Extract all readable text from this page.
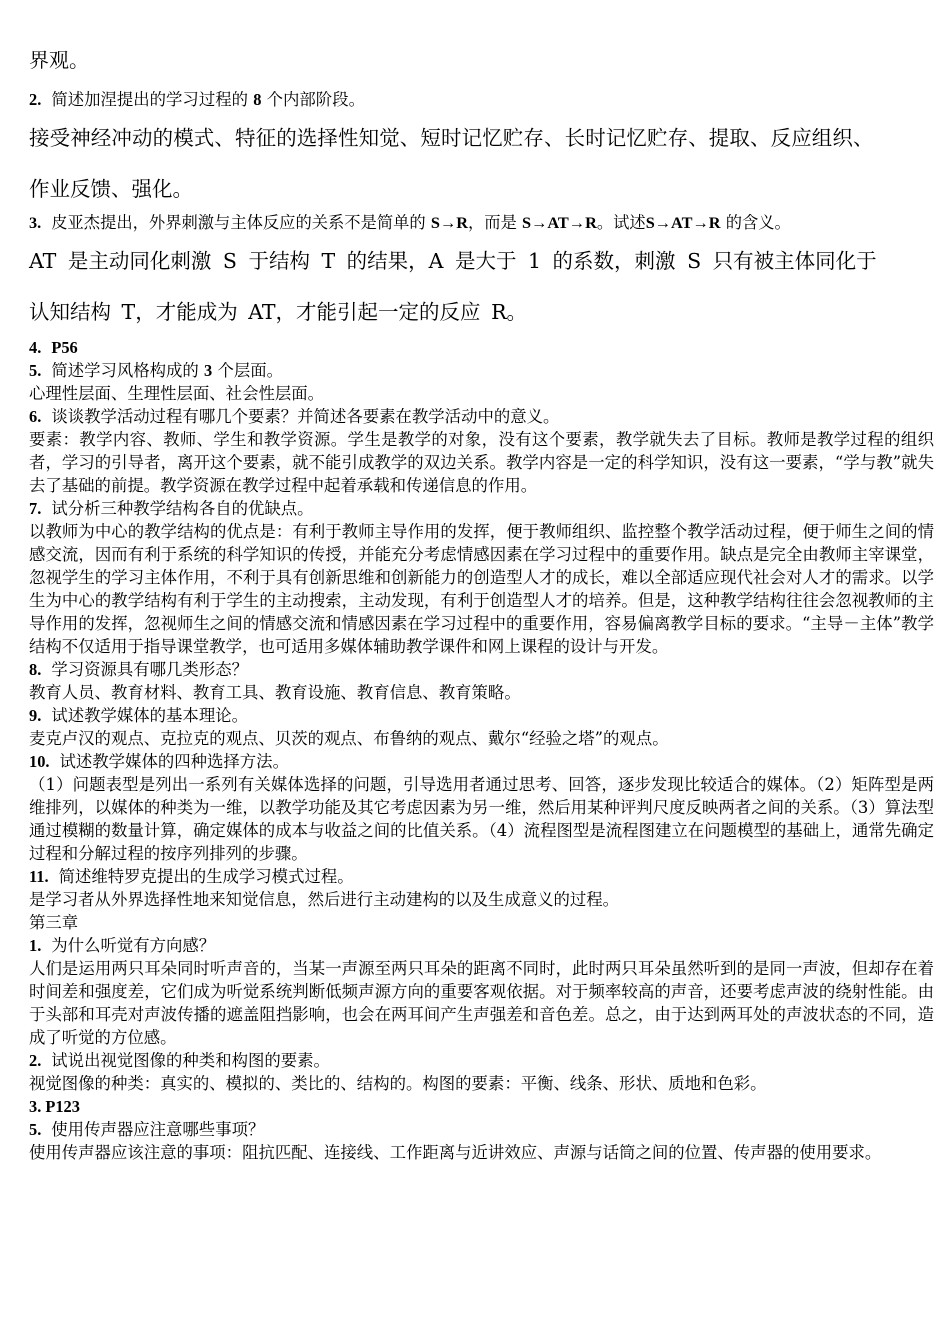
界观。

2. 简述加涅提出的学习过程的 8 个内部阶段。

接受神经冲动的模式、特征的选择性知觉、短时记忆贮存、长时记忆贮存、提取、反应组织、

作业反馈、强化。

3. 皮亚杰提出，外界刺激与主体反应的关系不是简单的 S→R，而是 S→AT→R。试述S→AT→R 的含义。

AT 是主动同化刺激 S 于结构 T 的结果，A 是大于 1 的系数，刺激 S 只有被主体同化于

认知结构 T，才能成为 AT，才能引起一定的反应 R。

4. P56

5. 简述学习风格构成的 3 个层面。

心理性层面、生理性层面、社会性层面。

6. 谈谈教学活动过程有哪几个要素？并简述各要素在教学活动中的意义。

要素：教学内容、教师、学生和教学资源。学生是教学的对象，没有这个要素，教学就失去了目标。教师是教学过程的组织者，学习的引导者，离开这个要素，就不能引成教学的双边关系。教学内容是一定的科学知识，没有这一要素，“学与教”就失去了基础的前提。教学资源在教学过程中起着承载和传递信息的作用。

7. 试分析三种教学结构各自的优缺点。

以教师为中心的教学结构的优点是：有利于教师主导作用的发挥，便于教师组织、监控整个教学活动过程，便于师生之间的情感交流，因而有利于系统的科学知识的传授，并能充分考虑情感因素在学习过程中的重要作用。缺点是完全由教师主宰课堂，忽视学生的学习主体作用，不利于具有创新思维和创新能力的创造型人才的成长，难以全部适应现代社会对人才的需求。以学生为中心的教学结构有利于学生的主动搜索，主动发现，有利于创造型人才的培养。但是，这种教学结构往往会忽视教师的主导作用的发挥，忽视师生之间的情感交流和情感因素在学习过程中的重要作用，容易偏离教学目标的要求。“主导－主体”教学结构不仅适用于指导课堂教学，也可适用多媒体辅助教学课件和网上课程的设计与开发。

8. 学习资源具有哪几类形态？

教育人员、教育材料、教育工具、教育设施、教育信息、教育策略。

9. 试述教学媒体的基本理论。

麦克卢汉的观点、克拉克的观点、贝茨的观点、布鲁纳的观点、戴尔“经验之塔”的观点。

10. 试述教学媒体的四种选择方法。

（1）问题表型是列出一系列有关媒体选择的问题，引导选用者通过思考、回答，逐步发现比较适合的媒体。（2）矩阵型是两维排列，以媒体的种类为一维，以教学功能及其它考虑因素为另一维，然后用某种评判尺度反映两者之间的关系。（3）算法型通过模糊的数量计算，确定媒体的成本与收益之间的比值关系。（4）流程图型是流程图建立在问题模型的基础上，通常先确定过程和分解过程的按序列排列的步骤。

11. 简述维特罗克提出的生成学习模式过程。

是学习者从外界选择性地来知觉信息，然后进行主动建构的以及生成意义的过程。

第三章

1. 为什么听觉有方向感？

人们是运用两只耳朵同时听声音的，当某一声源至两只耳朵的距离不同时，此时两只耳朵虽然听到的是同一声波，但却存在着时间差和强度差，它们成为听觉系统判断低频声源方向的重要客观依据。对于频率较高的声音，还要考虑声波的绕射性能。由于头部和耳壳对声波传播的遮盖阻挡影响，也会在两耳间产生声强差和音色差。总之，由于达到两耳处的声波状态的不同，造成了听觉的方位感。

2. 试说出视觉图像的种类和构图的要素。

视觉图像的种类：真实的、模拟的、类比的、结构的。构图的要素：平衡、线条、形状、质地和色彩。

3. P123

5. 使用传声器应注意哪些事项？

使用传声器应该注意的事项：阻抗匹配、连接线、工作距离与近讲效应、声源与话筒之间的位置、传声器的使用要求。
